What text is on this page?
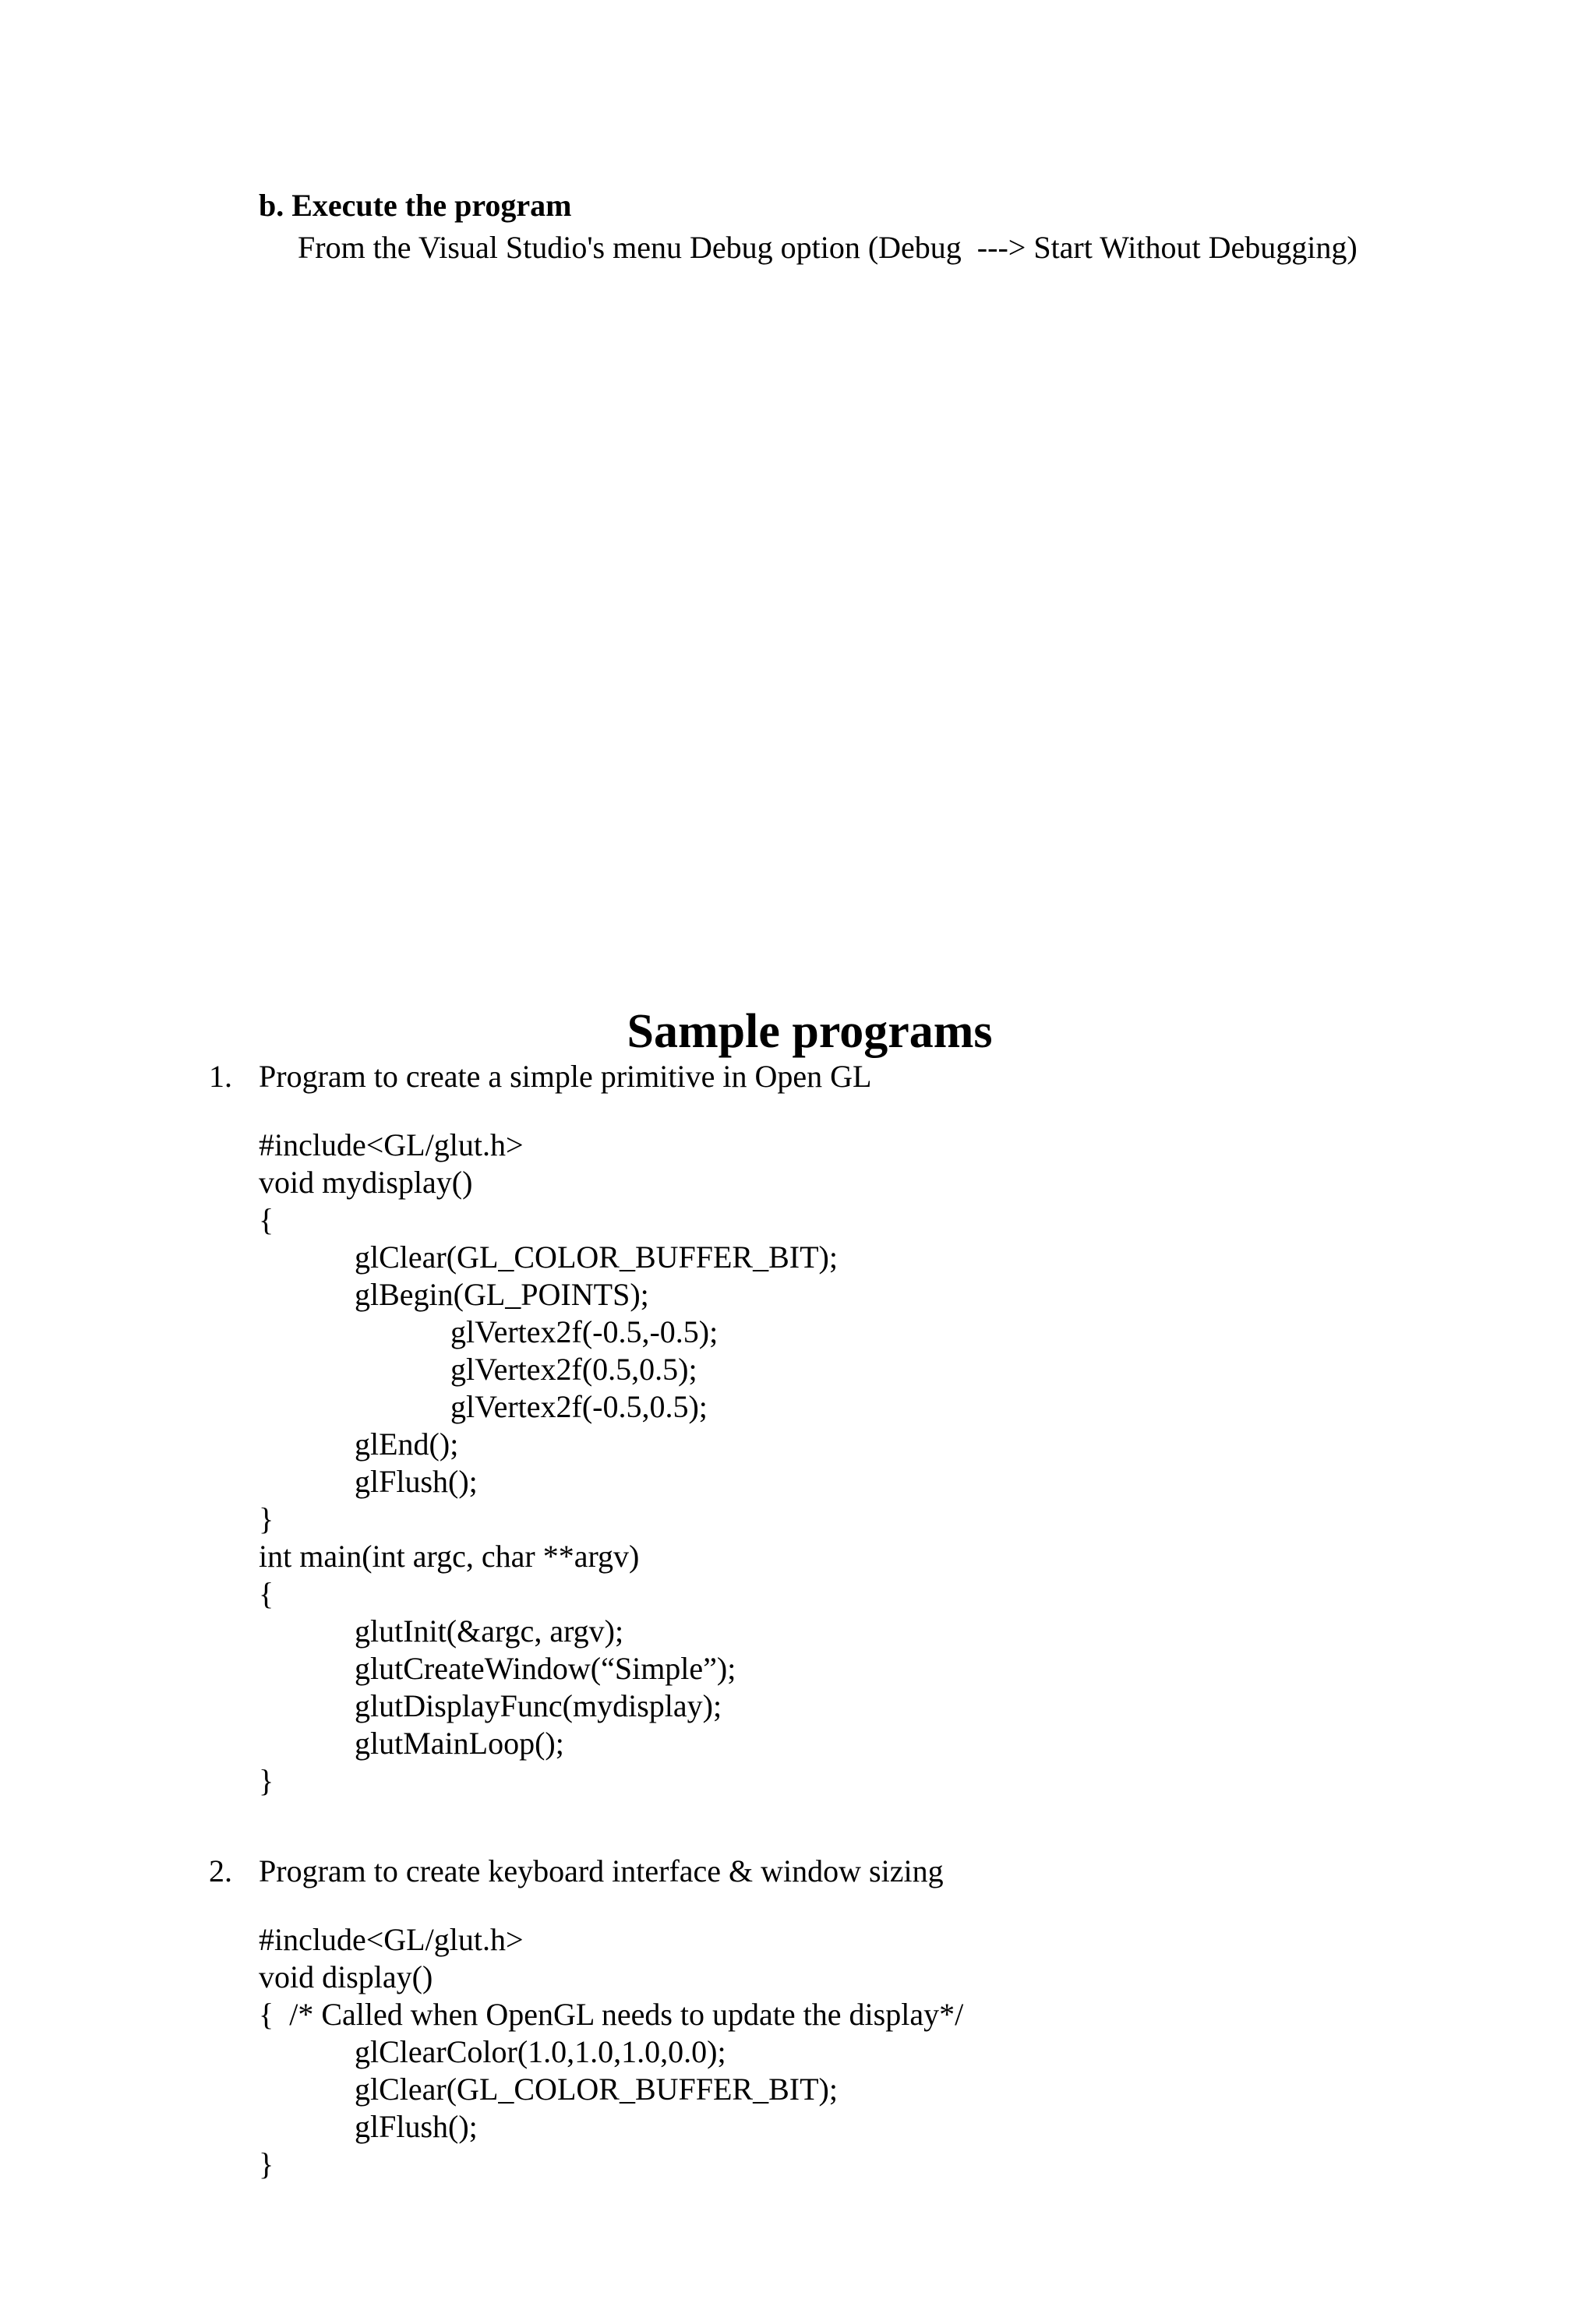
b. Execute the program
From the Visual Studio's menu Debug option (Debug  ---> Start Without Debugging)
Sample programs
1. Program to create a simple primitive in Open GL
#include<GL/glut.h>
void mydisplay()
{
glClear(GL_COLOR_BUFFER_BIT);
glBegin(GL_POINTS);
glVertex2f(-0.5,-0.5);
glVertex2f(0.5,0.5);
glVertex2f(-0.5,0.5);
glEnd();
glFlush();
}
int main(int argc, char **argv)
{
glutInit(&argc, argv);
glutCreateWindow(“Simple”);
glutDisplayFunc(mydisplay);
glutMainLoop();
}
2. Program to create keyboard interface & window sizing
#include<GL/glut.h>
void display()
{  /* Called when OpenGL needs to update the display*/
glClearColor(1.0,1.0,1.0,0.0);
glClear(GL_COLOR_BUFFER_BIT);
glFlush();
}
